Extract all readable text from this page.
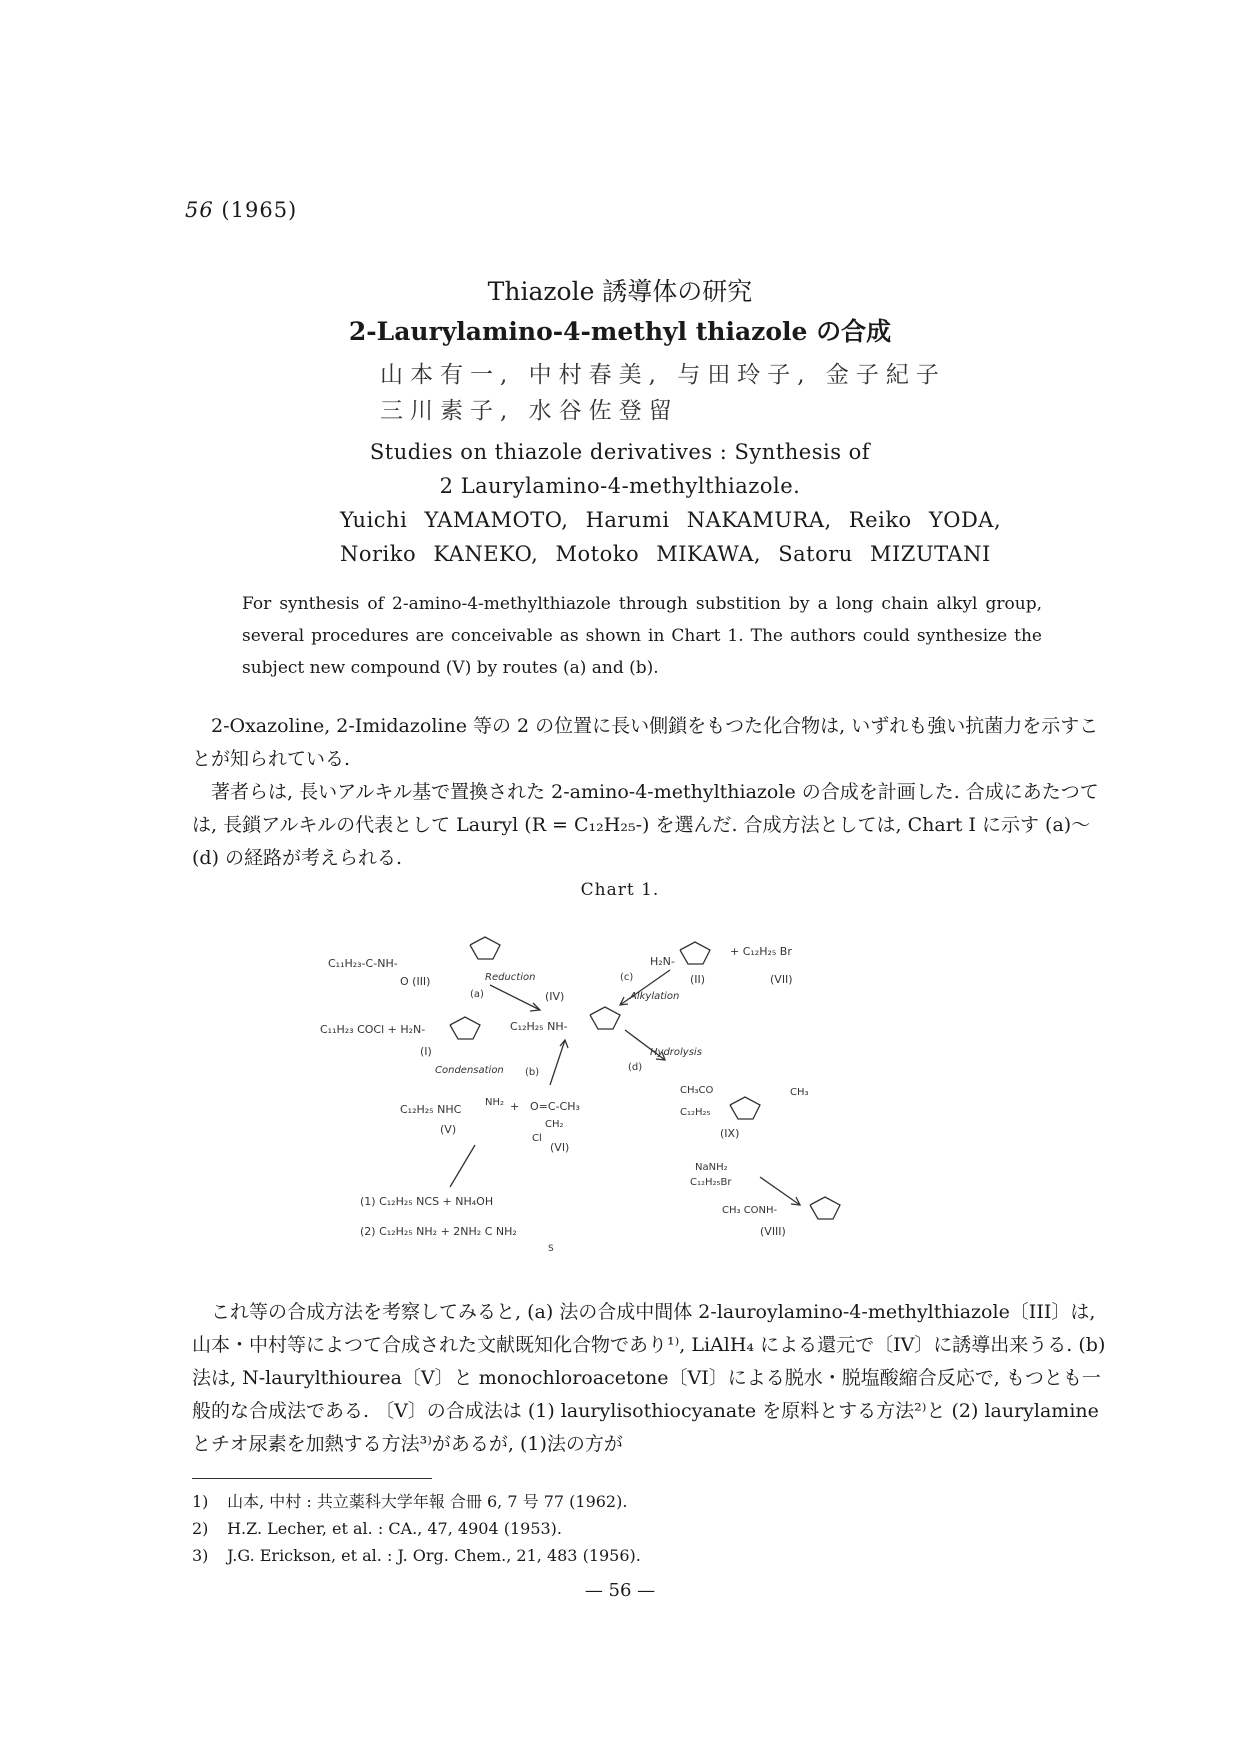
56 (1965)
Thiazole 誘導体の研究
2-Laurylamino-4-methyl thiazole の合成
山本有一, 中村春美, 与田玲子, 金子紀子
三川素子, 水谷佐登留
Studies on thiazole derivatives : Synthesis of
2 Laurylamino-4-methylthiazole.
Yuichi YAMAMOTO, Harumi NAKAMURA, Reiko YODA,
Noriko KANEKO, Motoko MIKAWA, Satoru MIZUTANI
For synthesis of 2-amino-4-methylthiazole through substition by a long chain alkyl group, several procedures are conceivable as shown in Chart 1. The authors could synthesize the subject new compound (V) by routes (a) and (b).
2-Oxazoline, 2-Imidazoline 等の 2 の位置に長い側鎖をもつた化合物は, いずれも強い抗菌力を示すことが知られている.
著者らは, 長いアルキル基で置換された 2-amino-4-methylthiazole の合成を計画した. 合成にあたつては, 長鎖アルキルの代表として Lauryl (R = C₁₂H₂₅-) を選んだ. 合成方法としては, Chart I に示す (a)～(d) の経路が考えられる.
Chart 1.
C₁₁H₂₃-C-NH-
O (III)
C₁₁H₂₃ COCl + H₂N-
(I)
H₂N-
(II)
+ C₁₂H₂₅ Br
(VII)
Reduction
(a)
(c)
Alkylation
(IV)
C₁₂H₂₅ NH-
Hydrolysis
(d)
Condensation (b)
C₁₂H₂₅ NHC
NH₂
(V)
+ O=C-CH₃
CH₂
Cl
(VI)
CH₃CO
C₁₂H₂₅
(IX)
CH₃
NaNH₂
C₁₂H₂₅Br
CH₃ CONH-
(VIII)
(1) C₁₂H₂₅ NCS + NH₄OH
(2) C₁₂H₂₅ NH₂ + 2NH₂ C NH₂
S
これ等の合成方法を考察してみると, (a) 法の合成中間体 2-lauroylamino-4-methylthiazole〔III〕は, 山本・中村等によつて合成された文献既知化合物であり¹⁾, LiAlH₄ による還元で〔IV〕に誘導出来うる. (b) 法は, N-laurylthiourea〔V〕と monochloroacetone〔VI〕による脱水・脱塩酸縮合反応で, もつとも一般的な合成法である. 〔V〕の合成法は (1) laurylisothiocyanate を原料とする方法²⁾と (2) laurylamine とチオ尿素を加熱する方法³⁾があるが, (1)法の方が
1) 山本, 中村 : 共立薬科大学年報 合冊 6, 7 号 77 (1962).
2) H.Z. Lecher, et al. : CA., 47, 4904 (1953).
3) J.G. Erickson, et al. : J. Org. Chem., 21, 483 (1956).
— 56 —
